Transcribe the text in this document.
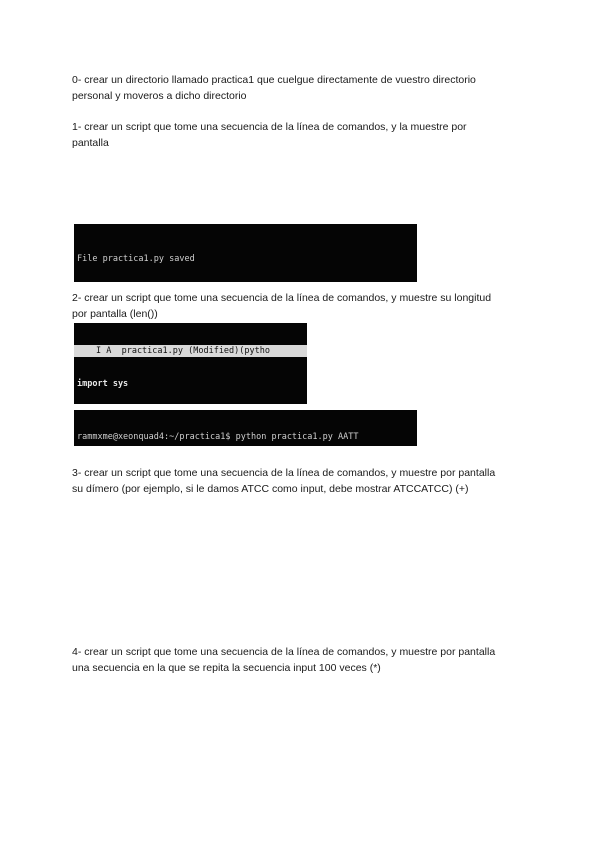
0- crear un directorio llamado practica1 que cuelgue directamente de vuestro directorio
personal y moveros a dicho directorio

1- crear un script que tome una secuencia de la línea de comandos, y la muestre por
pantalla

File practica1.py saved

2- crear un script que tome una secuencia de la línea de comandos, y muestre su longitud
por pantalla (len())

I A  practica1.py (Modified)(pytho

import sys

rammxme@xeonquad4:~/practica1$ python practica1.py AATT

3- crear un script que tome una secuencia de la línea de comandos, y muestre por pantalla
su dímero (por ejemplo, si le damos ATCC como input, debe mostrar ATCCATCC) (+)

4- crear un script que tome una secuencia de la línea de comandos, y muestre por pantalla
una secuencia en la que se repita la secuencia input 100 veces (*)
